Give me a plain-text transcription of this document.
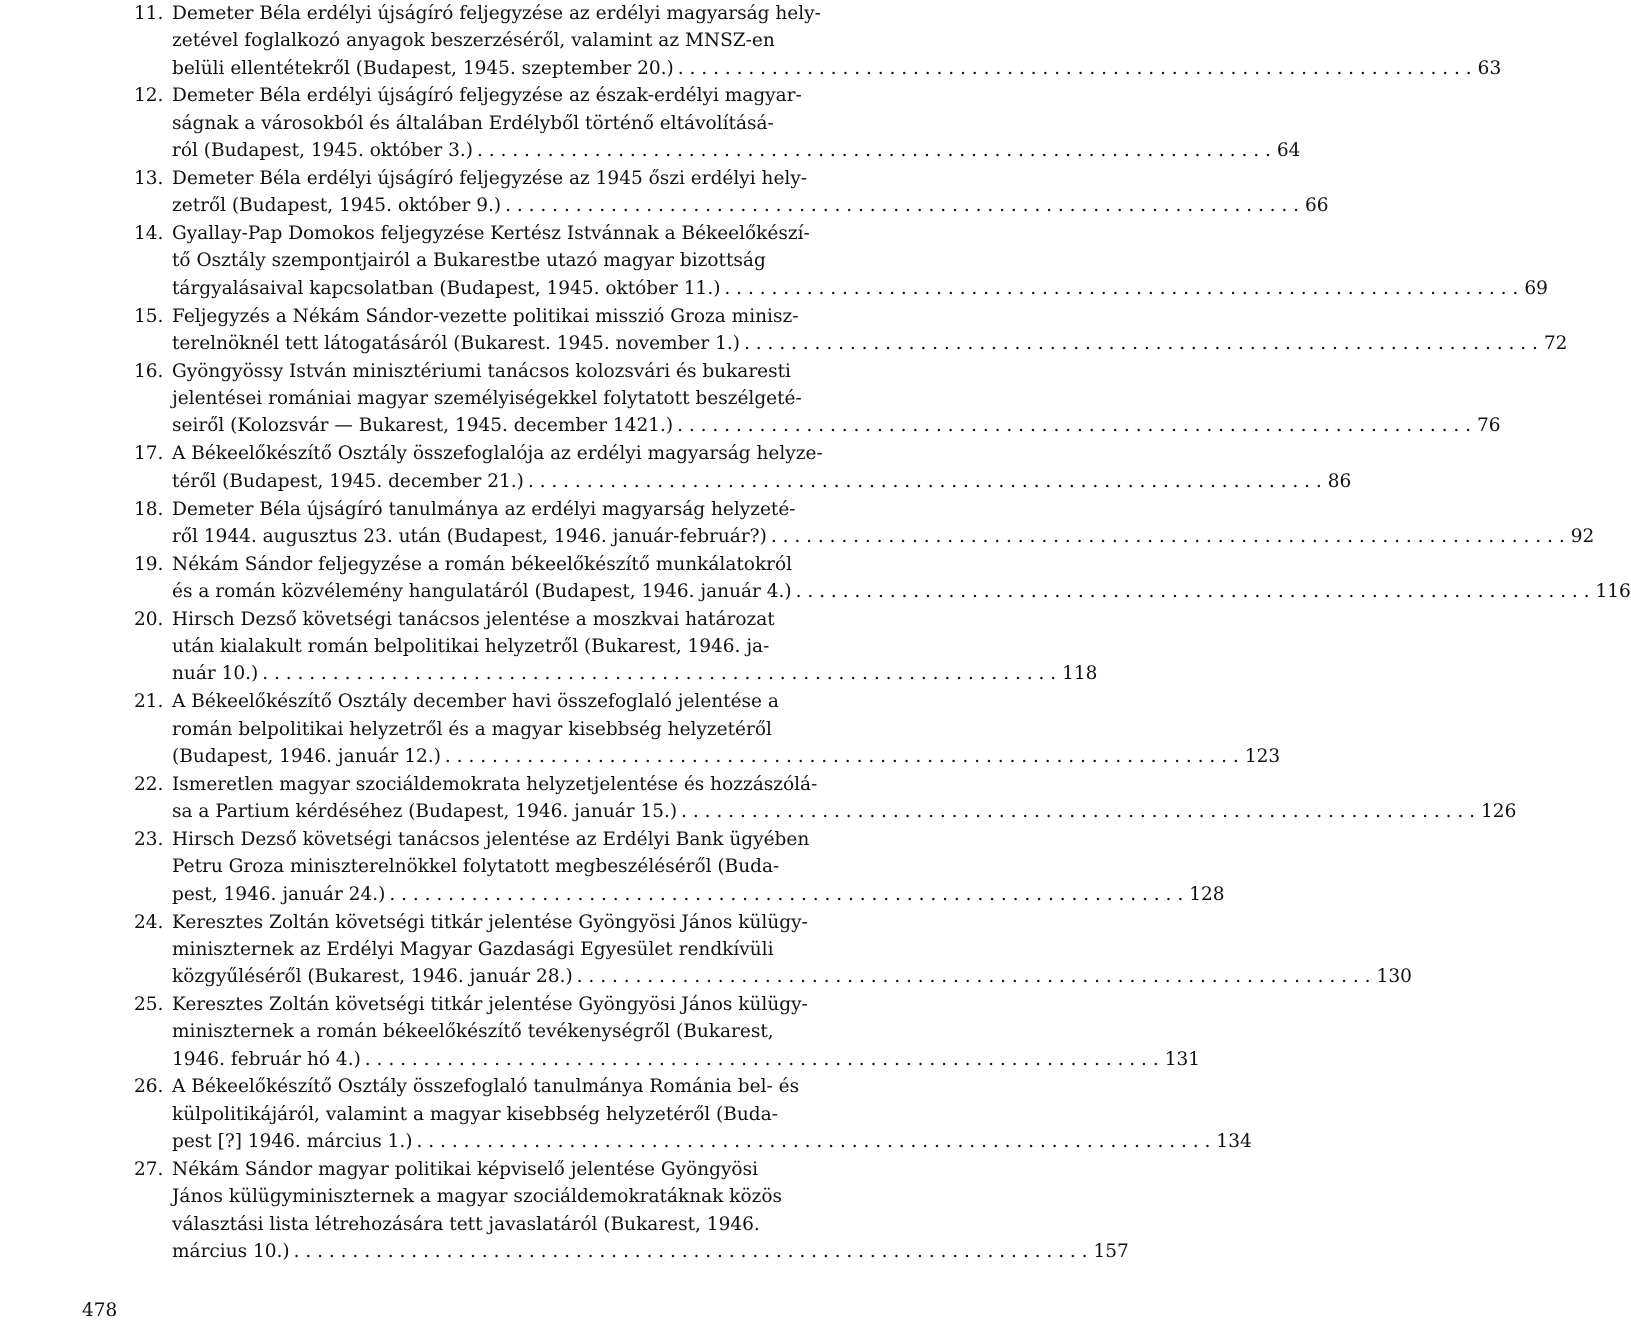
11. Demeter Béla erdélyi újságíró feljegyzése az erdélyi magyarság hely-
zetével foglalkozó anyagok beszerzéséről, valamint az MNSZ-en
belüli ellentétekről (Budapest, 1945. szeptember 20.) . . .	63
12. Demeter Béla erdélyi újságíró feljegyzése az észak-erdélyi magyar-
ságnak a városokból és általában Erdélyből történő eltávolításá-
ról (Budapest, 1945. október 3.) . . .	64
13. Demeter Béla erdélyi újságíró feljegyzése az 1945 őszi erdélyi hely-
zetről (Budapest, 1945. október 9.) . . .	66
14. Gyallay-Pap Domokos feljegyzése Kertész Istvánnak a Békeelőkészí-
tő Osztály szempontjairól a Bukarestbe utazó magyar bizottság
tárgyalásaival kapcsolatban (Budapest, 1945. október 11.) . . .	69
15. Feljegyzés a Nékám Sándor-vezette politikai misszió Groza minisz-
terelnöknél tett látogatásáról (Bukarest. 1945. november 1.) . . .	72
16. Gyöngyössy István minisztériumi tanácsos kolozsvári és bukaresti
jelentései romániai magyar személyiségekkel folytatott beszélgeté-
seiről (Kolozsvár — Bukarest, 1945. december 1421.) . . .	76
17. A Békeelőkészítő Osztály összefoglalója az erdélyi magyarság helyze-
téről (Budapest, 1945. december 21.) . . .	86
18. Demeter Béla újságíró tanulmánya az erdélyi magyarság helyzeté-
ről 1944. augusztus 23. után (Budapest, 1946. január-február?) . . .	92
19. Nékám Sándor feljegyzése a román békeelőkészítő munkálatokról
és a román közvélemény hangulatáról (Budapest, 1946. január 4.) . . .	116
20. Hirsch Dezső követségi tanácsos jelentése a moszkvai határozat
után kialakult román belpolitikai helyzetről (Bukarest, 1946. ja-
nuár 10.) . . .	118
21. A Békeelőkészítő Osztály december havi összefoglaló jelentése a
román belpolitikai helyzetről és a magyar kisebbség helyzetéről
(Budapest, 1946. január 12.) . . .	123
22. Ismeretlen magyar szociáldemokrata helyzetjelentése és hozzászólá-
sa a Partium kérdéséhez (Budapest, 1946. január 15.) . . .	126
23. Hirsch Dezső követségi tanácsos jelentése az Erdélyi Bank ügyében
Petru Groza miniszterelnökkel folytatott megbeszéléséről (Buda-
pest, 1946. január 24.) . . .	128
24. Keresztes Zoltán követségi titkár jelentése Gyöngyösi János külügy-
miniszternek az Erdélyi Magyar Gazdasági Egyesület rendkívüli
közgyűléséről (Bukarest, 1946. január 28.) . . .	130
25. Keresztes Zoltán követségi titkár jelentése Gyöngyösi János külügy-
miniszternek a román békeelőkészítő tevékenységről (Bukarest,
1946. február hó 4.) . . .	131
26. A Békeelőkészítő Osztály összefoglaló tanulmánya Románia bel- és
külpolitikájáról, valamint a magyar kisebbség helyzetéről (Buda-
pest [?] 1946. március 1.) . . .	134
27. Nékám Sándor magyar politikai képviselő jelentése Gyöngyösi
János külügyminiszternek a magyar szociáldemokratáknak közös
választási lista létrehozására tett javaslatáról (Bukarest, 1946.
március 10.) . . .	157
478
